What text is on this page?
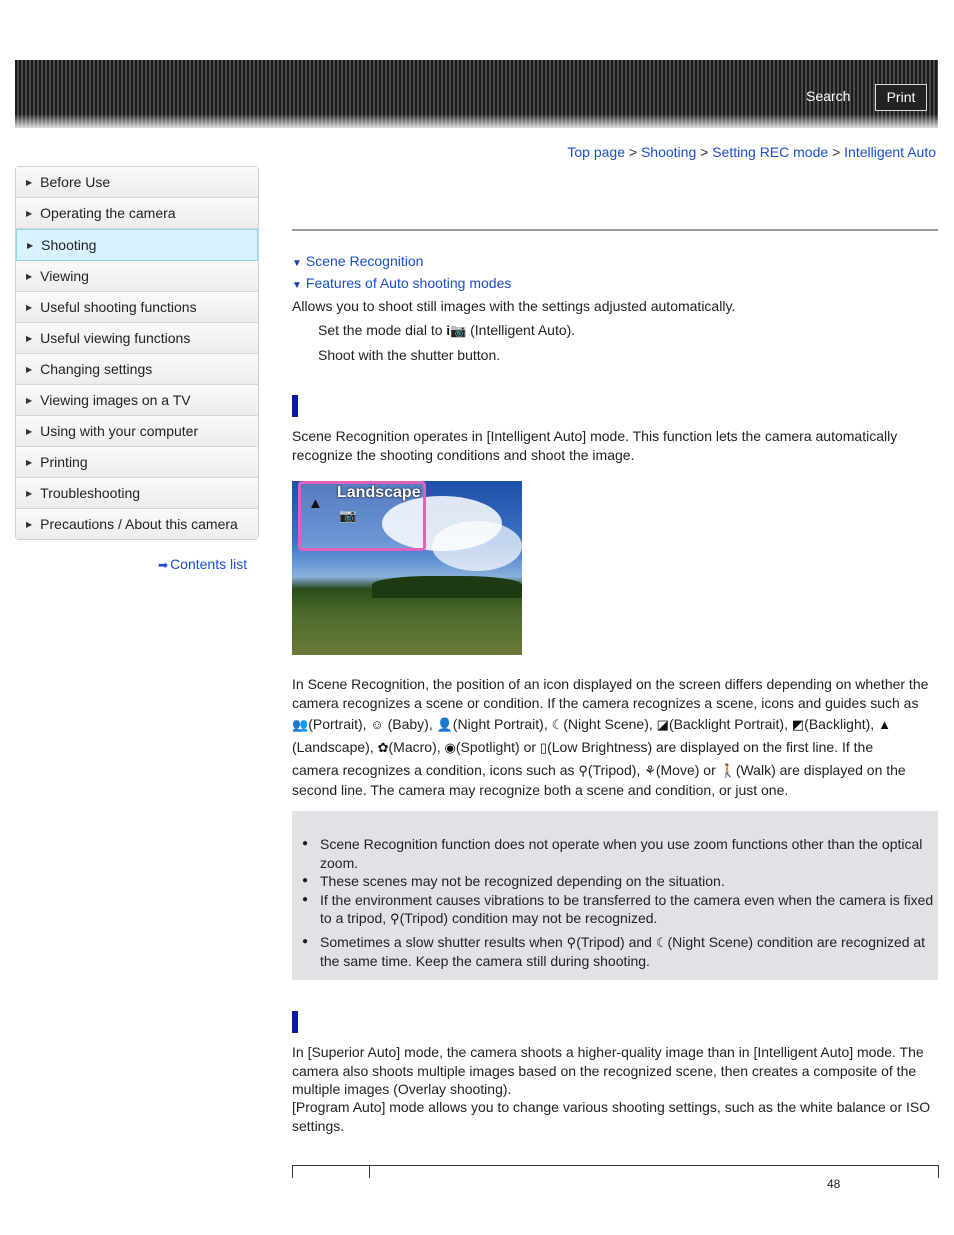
Search	Print
Top page > Shooting > Setting REC mode > Intelligent Auto
▶ Before Use
▶ Operating the camera
▶ Shooting
▶ Viewing
▶ Useful shooting functions
▶ Useful viewing functions
▶ Changing settings
▶ Viewing images on a TV
▶ Using with your computer
▶ Printing
▶ Troubleshooting
▶ Precautions / About this camera
➡ Contents list
▼ Scene Recognition
▼ Features of Auto shooting modes
Allows you to shoot still images with the settings adjusted automatically.
Set the mode dial to i📷 (Intelligent Auto).
Shoot with the shutter button.
Scene Recognition operates in [Intelligent Auto] mode. This function lets the camera automatically recognize the shooting conditions and shoot the image.
Landscape
▲
📷
In Scene Recognition, the position of an icon displayed on the screen differs depending on whether the
camera recognizes a scene or condition. If the camera recognizes a scene, icons and guides such as
👥(Portrait), ☺ (Baby), 👤(Night Portrait), ☾(Night Scene), ◪(Backlight Portrait), ◩(Backlight), ▲
(Landscape), ✿(Macro), ◉(Spotlight) or ▯(Low Brightness) are displayed on the first line. If the
camera recognizes a condition, icons such as ⚲(Tripod), ⚘(Move) or 🚶(Walk) are displayed on the
second line. The camera may recognize both a scene and condition, or just one.
● Scene Recognition function does not operate when you use zoom functions other than the optical zoom.
● These scenes may not be recognized depending on the situation.
● If the environment causes vibrations to be transferred to the camera even when the camera is fixed to a tripod, ⚲(Tripod) condition may not be recognized.
● Sometimes a slow shutter results when ⚲(Tripod) and ☾(Night Scene) condition are recognized at the same time. Keep the camera still during shooting.
In [Superior Auto] mode, the camera shoots a higher-quality image than in [Intelligent Auto] mode. The camera also shoots multiple images based on the recognized scene, then creates a composite of the multiple images (Overlay shooting).
[Program Auto] mode allows you to change various shooting settings, such as the white balance or ISO settings.
48
